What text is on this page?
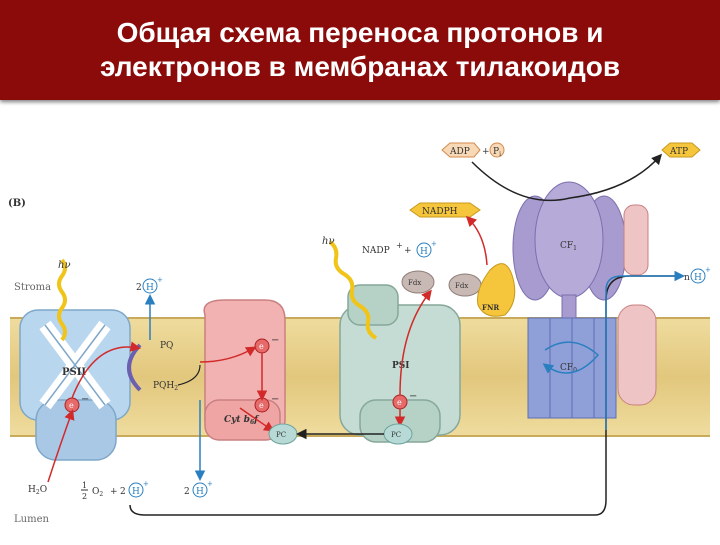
Общая схема переноса протонов и
электронов в мембранах тилакоидов
(B)
Stroma
Lumen
PSII
Cyt $b_6f$
PSI
Fdx	Fdx
FNR
$CF_1$
$CF_0$
hν
hν
NADPH
NADP
+
+ H
+
ADP + $P_i$	ATP
2 H
+
PQ
$PQH_2$
e
−
e
−
e
−	e
−
PC	PC
$H_2O$	1
2 $O_2 + 2$ H
+
2 H
+
n H
+
